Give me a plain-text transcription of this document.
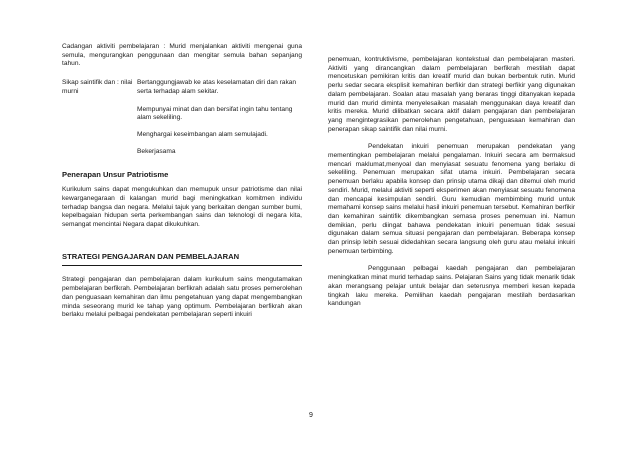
Cadangan aktiviti pembelajaran : Murid menjalankan aktiviti mengenai guna semula, mengurangkan penggunaan dan mengitar semula bahan sepanjang tahun.

Sikap saintifik dan : nilai murni
Bertanggungjawab ke atas keselamatan diri dan rakan serta terhadap alam sekitar.
Mempunyai minat dan dan bersifat ingin tahu tentang alam sekeliling.
Menghargai keseimbangan alam semulajadi.
Bekerjasama
Penerapan Unsur Patriotisme

Kurikulum sains dapat mengukuhkan dan memupuk unsur patriotisme dan nilai kewarganegaraan di kalangan murid bagi meningkatkan komitmen individu terhadap bangsa dan negara. Melalui tajuk yang berkaitan dengan sumber bumi, kepelbagaian hidupan serta perkembangan sains dan teknologi di negara kita, semangat mencintai Negara dapat dikukuhkan.

STRATEGI PENGAJARAN DAN PEMBELAJARAN

Strategi pengajaran dan pembelajaran dalam kurikulum sains mengutamakan pembelajaran berfikrah. Pembelajaran berfikrah adalah satu proses pemerolehan dan penguasaan kemahiran dan ilmu pengetahuan yang dapat mengembangkan minda seseorang murid ke tahap yang optimum. Pembelajaran berfikrah akan berlaku melalui pelbagai pendekatan pembelajaran seperti inkuiri

penemuan, kontruktivisme, pembelajaran kontekstual dan pembelajaran masteri. Aktiviti yang dirancangkan dalam pembelajaran berfikrah mestilah dapat mencetuskan pemikiran kritis dan kreatif murid dan bukan berbentuk rutin. Murid perlu sedar secara eksplisit kemahiran berfikir dan strategi berfikir yang digunakan dalam pembelajaran. Soalan atau masalah yang beraras tinggi ditanyakan kepada murid dan murid diminta menyelesaikan masalah menggunakan daya kreatif dan kritis mereka. Murid dilibatkan secara aktif dalam pengajaran dan pembelajaran yang mengintegrasikan pemerolehan pengetahuan, penguasaan kemahiran dan penerapan sikap saintifik dan nilai murni.

Pendekatan inkuiri penemuan merupakan pendekatan yang mementingkan pembelajaran melalui pengalaman. Inkuiri secara am bermaksud mencari maklumat,menyoal dan menyiasat sesuatu fenomena yang berlaku di sekeliling. Penemuan merupakan sifat utama inkuiri. Pembelajaran secara penemuan berlaku apabila konsep dan prinsip utama dikaji dan ditemui oleh murid sendiri. Murid, melalui aktiviti seperti eksperimen akan menyiasat sesuatu fenomena dan mencapai kesimpulan sendiri. Guru kemudian membimbing murid untuk memahami konsep sains melalui hasil inkuiri penemuan tersebut. Kemahiran berfikir dan kemahiran saintifik dikembangkan semasa proses penemuan ini. Namun demikian, perlu diingat bahawa pendekatan inkuiri penemuan tidak sesuai digunakan dalam semua situasi pengajaran dan pembelajaran. Beberapa konsep dan prinsip lebih sesuai didedahkan secara langsung oleh guru atau melalui inkuiri penemuan terbimbing.

Penggunaan pelbagai kaedah pengajaran dan pembelajaran meningkatkan minat murid terhadap sains. Pelajaran Sains yang tidak menarik tidak akan merangsang pelajar untuk belajar dan seterusnya memberi kesan kepada tingkah laku mereka. Pemilihan kaedah pengajaran mestilah berdasarkan kandungan

9
